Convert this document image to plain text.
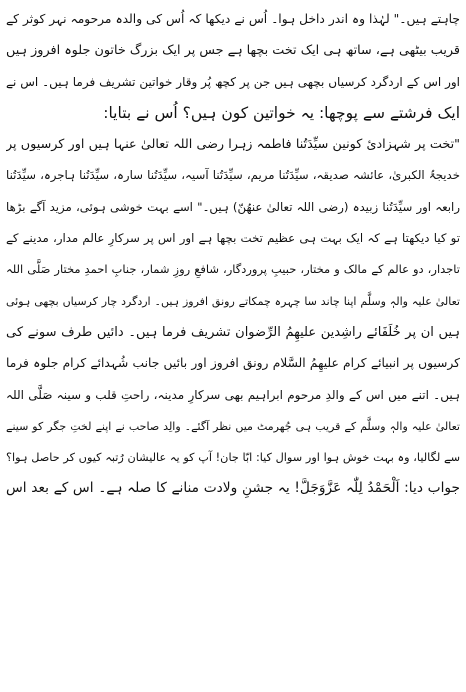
چاہتے ہیں۔" لہٰذا وہ اندر داخل ہوا۔ اُس نے دیکھا کہ اُس کی والدہ مرحومہ نہر کوثر کے
قریب بیٹھی ہے، ساتھ ہی ایک تخت بچھا ہے جس پر ایک بزرگ خاتون جلوہ افروز ہیں
اور اس کے اردگرد کرسیاں بچھی ہیں جن پر کچھ پُر وقار خواتین تشریف فرما ہیں۔ اس نے
ایک فرشتے سے پوچھا: یہ خواتین کون ہیں؟ اُس نے بتایا:
"تخت پر شہزادیٔ کونین سیِّدَتُنا فاطمہ زہرا رضی اللہ تعالیٰ عنہا ہیں اور کرسیوں پر
خدیجۃُ الکبریٰ، عائشہ صدیقہ، سیِّدَتُنا مریم، سیِّدَتُنا آسیہ، سیِّدَتُنا سارہ، سیِّدَتُنا ہاجرہ، سیِّدَتُنا
رابعہ اور سیِّدَتُنا زبیدہ (رضی اللہ تعالیٰ عنھُنّ) ہیں۔" اسے بہت خوشی ہوئی، مزید آگے بڑھا
تو کیا دیکھتا ہے کہ ایک بہت ہی عظیم تخت بچھا ہے اور اس پر سرکارِ عالم مدار، مدینے کے
تاجدار، دو عالم کے مالک و مختار، حبیبِ پروردگار، شافعِ روزِ شمار، جنابِ احمدِ مختار صَلَّی اللہ
تعالیٰ علیہ والہٖ وسلَّم اپنا چاند سا چہرہ چمکاتے رونق افروز ہیں۔ اردگرد چار کرسیاں بچھی ہوئی
ہیں ان پر خُلَفَائے راشِدین علیھِمُ الرِّضوان تشریف فرما ہیں۔ دائیں طرف سونے کی
کرسیوں پر انبیائے کرام علیھِمُ السَّلام رونق افروز اور بائیں جانب شُہدائے کرام جلوہ فرما
ہیں۔ اتنے میں اس کے والدِ مرحوم ابراہیم بھی سرکارِ مدینہ، راحتِ قلب و سینہ صَلَّی اللہ
تعالیٰ علیہ والہٖ وسلَّم کے قریب ہی جُھرمٹ میں نظر آگئے۔ والِد صاحب نے اپنے لختِ جگر کو سینے
سے لگالیا، وہ بہت خوش ہوا اور سوال کیا: ابّا جان! آپ کو یہ عالیشان رُتبہ کیوں کر حاصل ہوا؟
جواب دیا: اَلْحَمْدُ لِلّٰہ عَزَّوَجَلَّ! یہ جشنِ ولادت منانے کا صلہ ہے۔ اس کے بعد اس
